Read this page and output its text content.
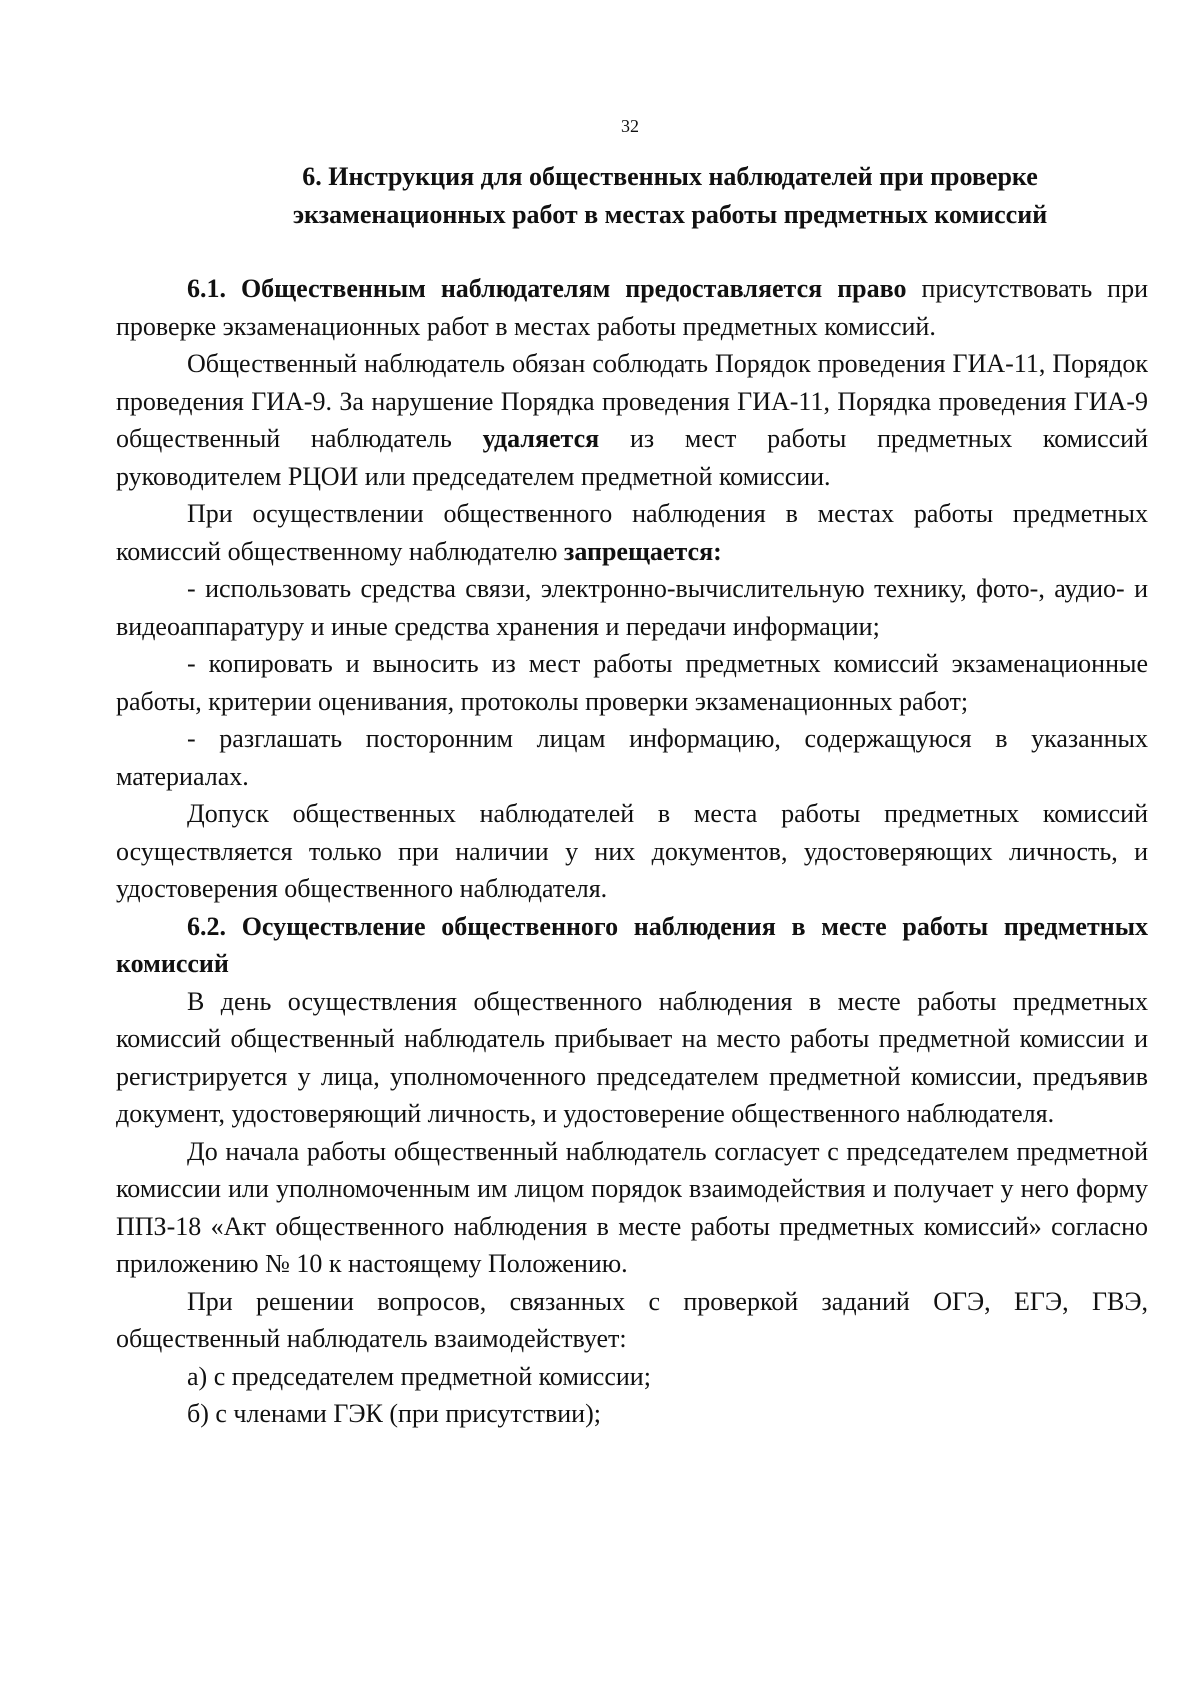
32
6. Инструкция для общественных наблюдателей при проверке
экзаменационных работ в местах работы предметных комиссий

6.1. Общественным наблюдателям предоставляется право присутствовать при проверке экзаменационных работ в местах работы предметных комиссий.

Общественный наблюдатель обязан соблюдать Порядок проведения ГИА-11, Порядок проведения ГИА-9. За нарушение Порядка проведения ГИА-11, Порядка проведения ГИА-9 общественный наблюдатель удаляется из мест работы предметных комиссий руководителем РЦОИ или председателем предметной комиссии.

При осуществлении общественного наблюдения в местах работы предметных комиссий общественному наблюдателю запрещается:

- использовать средства связи, электронно-вычислительную технику, фото-, аудио- и видеоаппаратуру и иные средства хранения и передачи информации;

- копировать и выносить из мест работы предметных комиссий экзаменационные работы, критерии оценивания, протоколы проверки экзаменационных работ;

- разглашать посторонним лицам информацию, содержащуюся в указанных материалах.

Допуск общественных наблюдателей в места работы предметных комиссий осуществляется только при наличии у них документов, удостоверяющих личность, и удостоверения общественного наблюдателя.

6.2. Осуществление общественного наблюдения в месте работы предметных комиссий

В день осуществления общественного наблюдения в месте работы предметных комиссий общественный наблюдатель прибывает на место работы предметной комиссии и регистрируется у лица, уполномоченного председателем предметной комиссии, предъявив документ, удостоверяющий личность, и удостоверение общественного наблюдателя.

До начала работы общественный наблюдатель согласует с председателем предметной комиссии или уполномоченным им лицом порядок взаимодействия и получает у него форму ППЗ-18 «Акт общественного наблюдения в месте работы предметных комиссий» согласно приложению № 10 к настоящему Положению.

При решении вопросов, связанных с проверкой заданий ОГЭ, ЕГЭ, ГВЭ, общественный наблюдатель взаимодействует:

а) с председателем предметной комиссии;

б) с членами ГЭК (при присутствии);
